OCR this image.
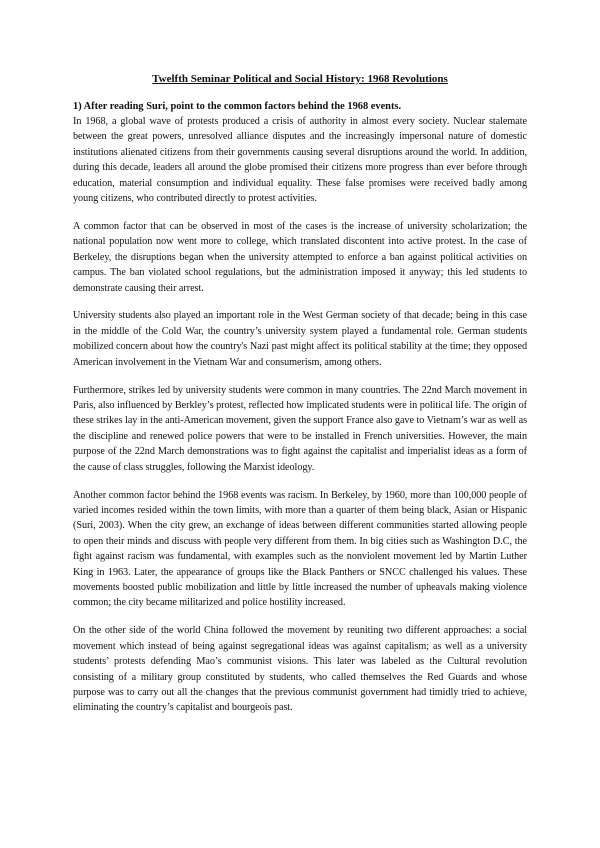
Twelfth Seminar Political and Social History: 1968 Revolutions
1) After reading Suri, point to the common factors behind the 1968 events.

In 1968, a global wave of protests produced a crisis of authority in almost every society. Nuclear stalemate between the great powers, unresolved alliance disputes and the increasingly impersonal nature of domestic institutions alienated citizens from their governments causing several disruptions around the world. In addition, during this decade, leaders all around the globe promised their citizens more progress than ever before through education, material consumption and individual equality. These false promises were received badly among young citizens, who contributed directly to protest activities.

A common factor that can be observed in most of the cases is the increase of university scholarization; the national population now went more to college, which translated discontent into active protest. In the case of Berkeley, the disruptions began when the university attempted to enforce a ban against political activities on campus. The ban violated school regulations, but the administration imposed it anyway; this led students to demonstrate causing their arrest.

University students also played an important role in the West German society of that decade; being in this case in the middle of the Cold War, the country’s university system played a fundamental role. German students mobilized concern about how the country's Nazi past might affect its political stability at the time; they opposed American involvement in the Vietnam War and consumerism, among others.

Furthermore, strikes led by university students were common in many countries. The 22nd March movement in Paris, also influenced by Berkley’s protest, reflected how implicated students were in political life. The origin of these strikes lay in the anti-American movement, given the support France also gave to Vietnam’s war as well as the discipline and renewed police powers that were to be installed in French universities. However, the main purpose of the 22nd March demonstrations was to fight against the capitalist and imperialist ideas as a form of the cause of class struggles, following the Marxist ideology.

Another common factor behind the 1968 events was racism. In Berkeley, by 1960, more than 100,000 people of varied incomes resided within the town limits, with more than a quarter of them being black, Asian or Hispanic (Suri, 2003). When the city grew, an exchange of ideas between different communities started allowing people to open their minds and discuss with people very different from them. In big cities such as Washington D.C, the fight against racism was fundamental, with examples such as the nonviolent movement led by Martin Luther King in 1963. Later, the appearance of groups like the Black Panthers or SNCC challenged his values. These movements boosted public mobilization and little by little increased the number of upheavals making violence common; the city became militarized and police hostility increased.

On the other side of the world China followed the movement by reuniting two different approaches: a social movement which instead of being against segregational ideas was against capitalism; as well as a university students’ protests defending Mao’s communist visions. This later was labeled as the Cultural revolution consisting of a military group constituted by students, who called themselves the Red Guards and whose purpose was to carry out all the changes that the previous communist government had timidly tried to achieve, eliminating the country’s capitalist and bourgeois past.
